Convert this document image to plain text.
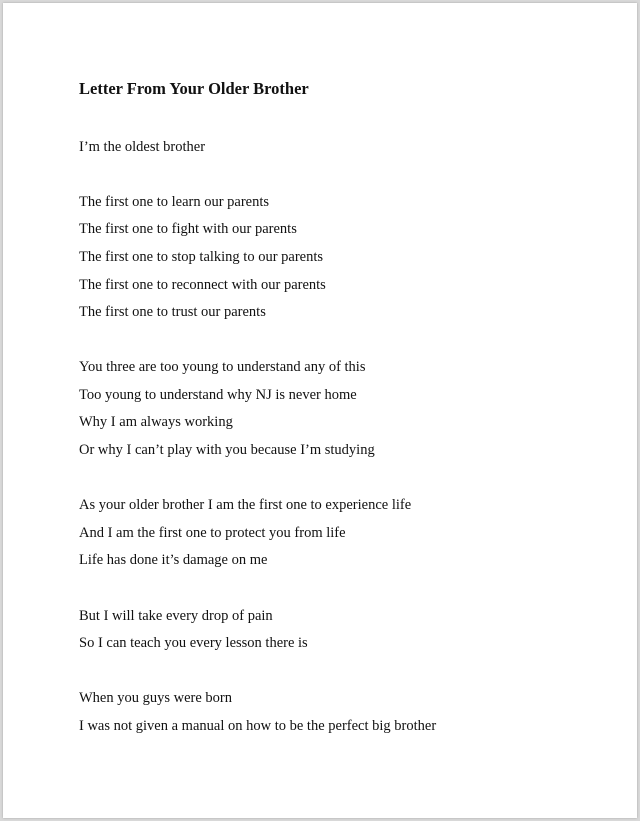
Letter From Your Older Brother

I’m the oldest brother

The first one to learn our parents

The first one to fight with our parents

The first one to stop talking to our parents

The first one to reconnect with our parents

The first one to trust our parents

You three are too young to understand any of this

Too young to understand why NJ is never home

Why I am always working

Or why I can’t play with you because I’m studying

As your older brother I am the first one to experience life

And I am the first one to protect you from life

Life has done it’s damage on me

But I will take every drop of pain

So I can teach you every lesson there is

When you guys were born

I was not given a manual on how to be the perfect big brother
